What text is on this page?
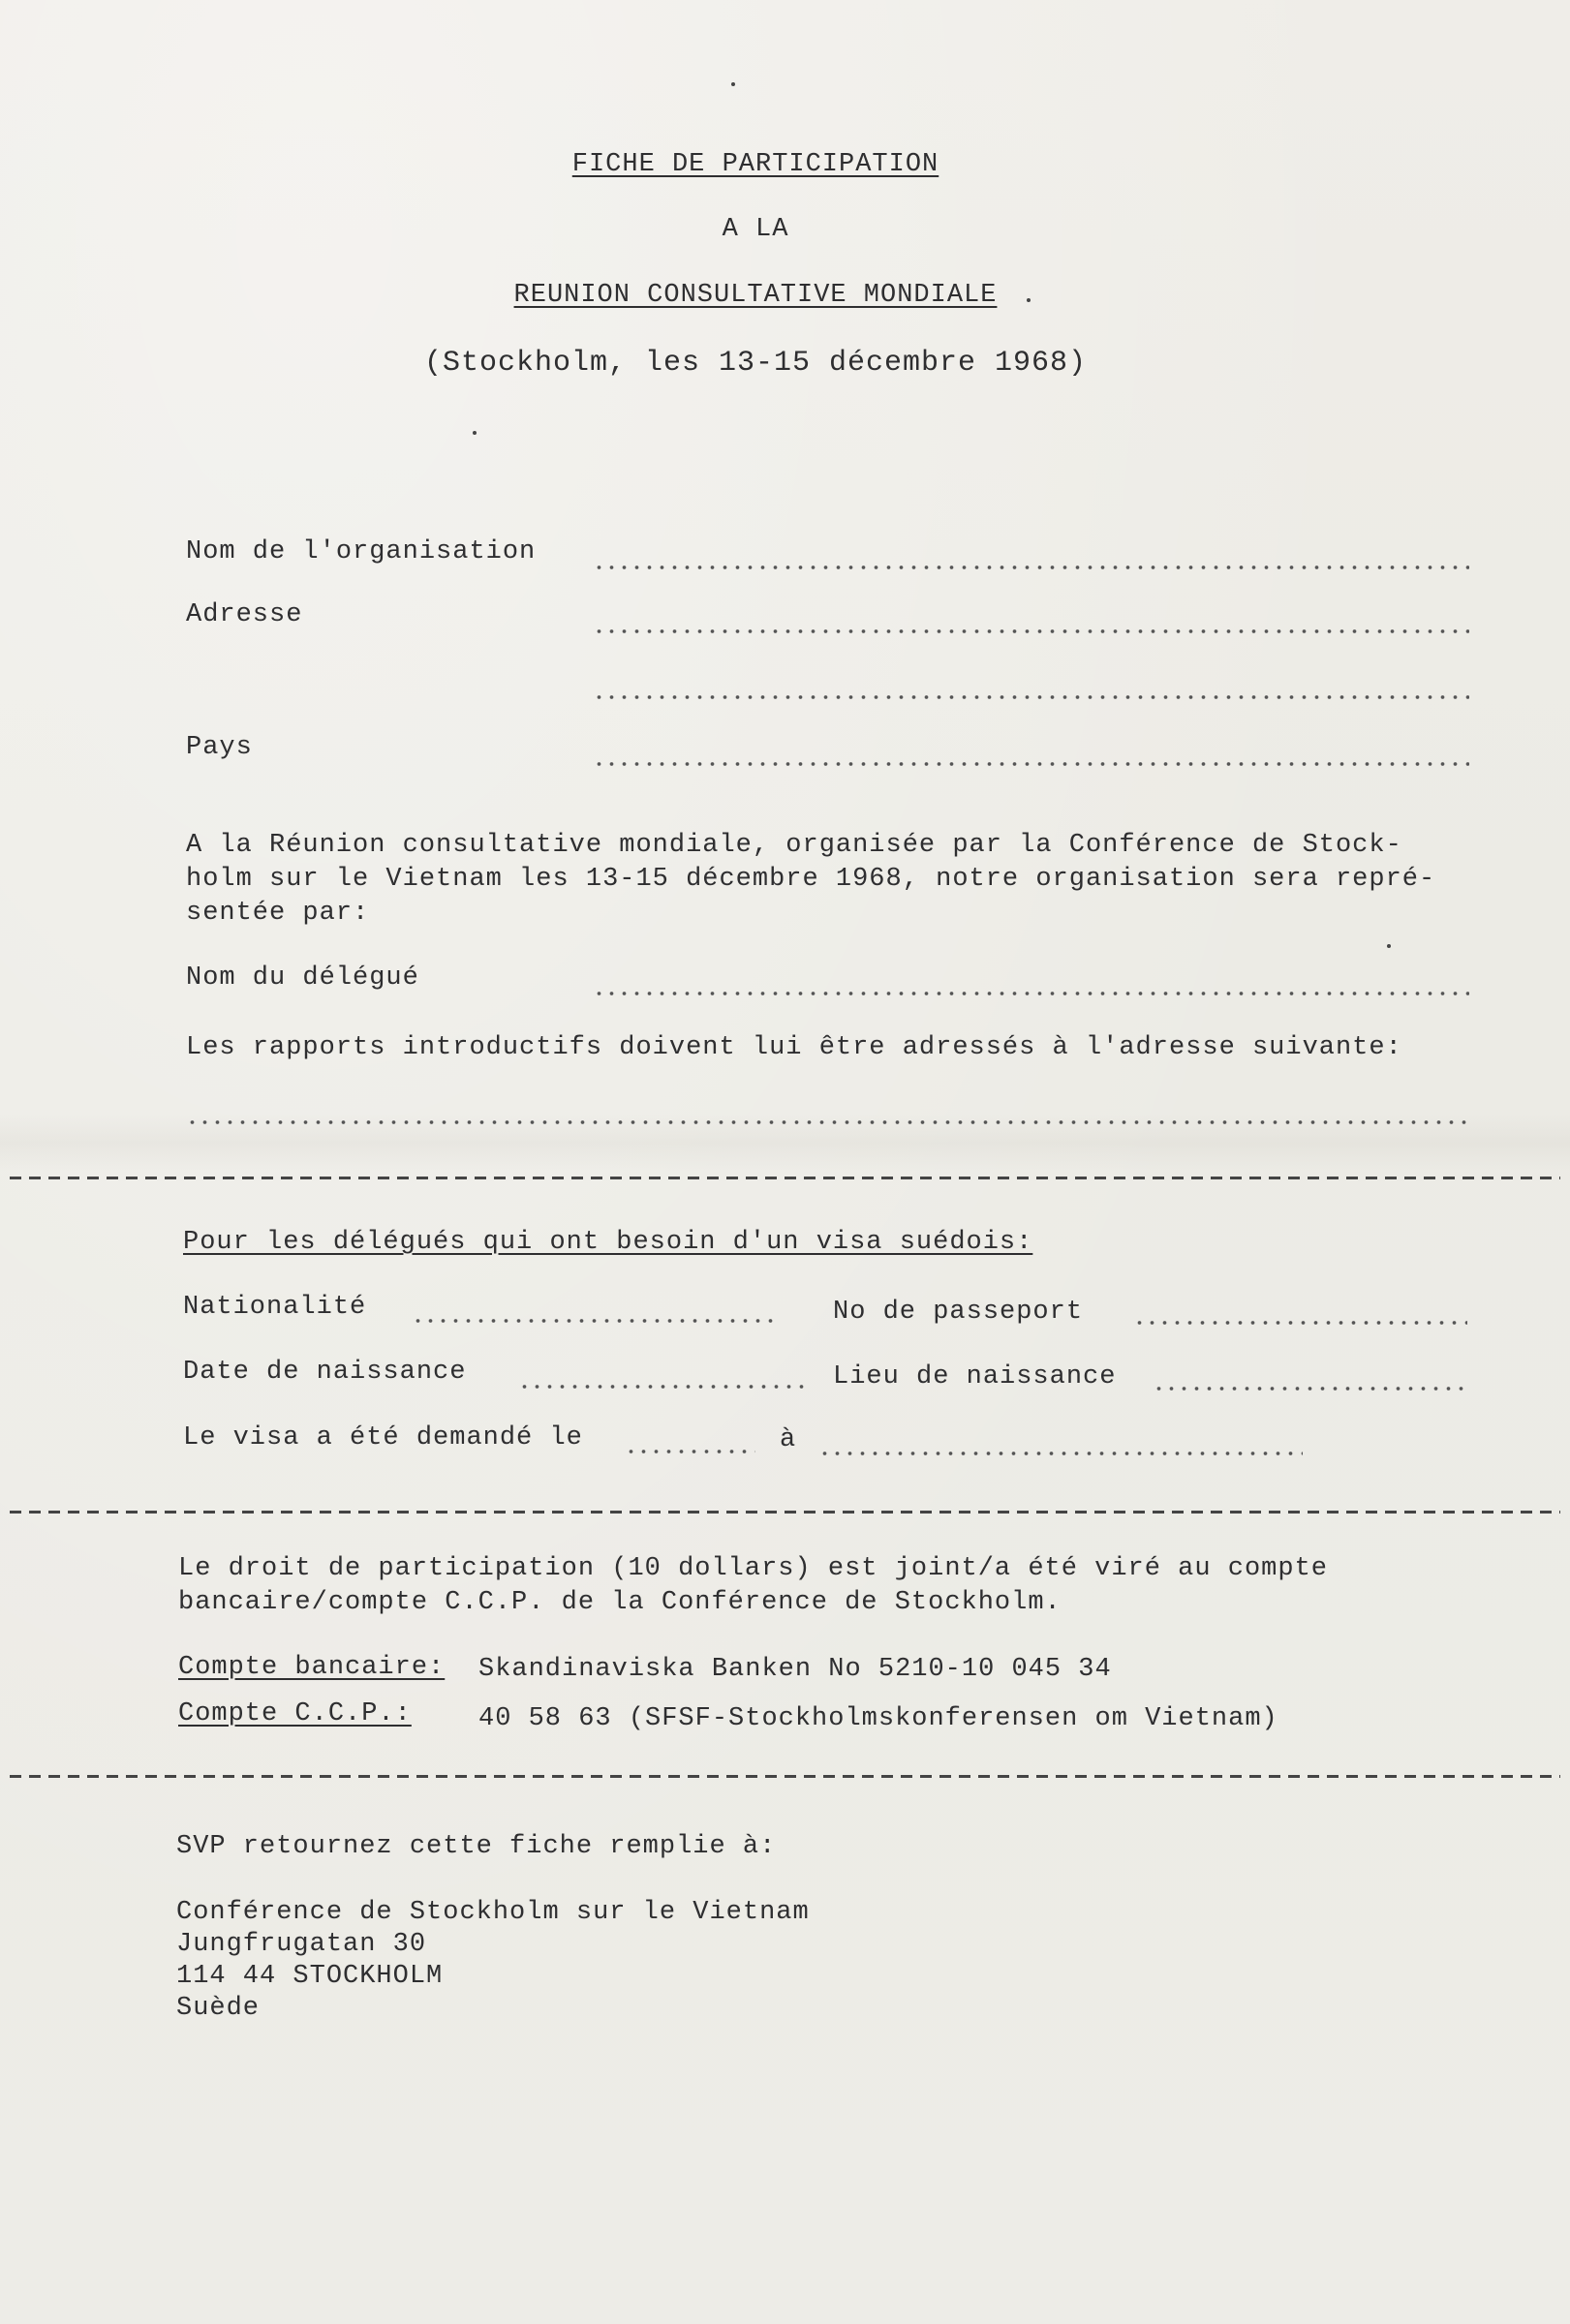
FICHE DE PARTICIPATION
A LA
REUNION CONSULTATIVE MONDIALE
(Stockholm, les 13-15 décembre 1968)
Nom de l'organisation
Adresse
Pays
A la Réunion consultative mondiale, organisée par la Conférence de Stock-
holm sur le Vietnam les 13-15 décembre 1968, notre organisation sera repré-
sentée par:
Nom du délégué
Les rapports introductifs doivent lui être adressés à l'adresse suivante:
Pour les délégués qui ont besoin d'un visa suédois:
Nationalité	No de passeport
Date de naissance	Lieu de naissance
Le visa a été demandé le	à
Le droit de participation (10 dollars) est joint/a été viré au compte
bancaire/compte C.C.P. de la Conférence de Stockholm.
Compte bancaire: Skandinaviska Banken No 5210-10 045 34
Compte C.C.P.:	40 58 63 (SFSF-Stockholmskonferensen om Vietnam)
SVP retournez cette fiche remplie à:
Conférence de Stockholm sur le Vietnam
Jungfrugatan 30
114 44 STOCKHOLM
Suède
